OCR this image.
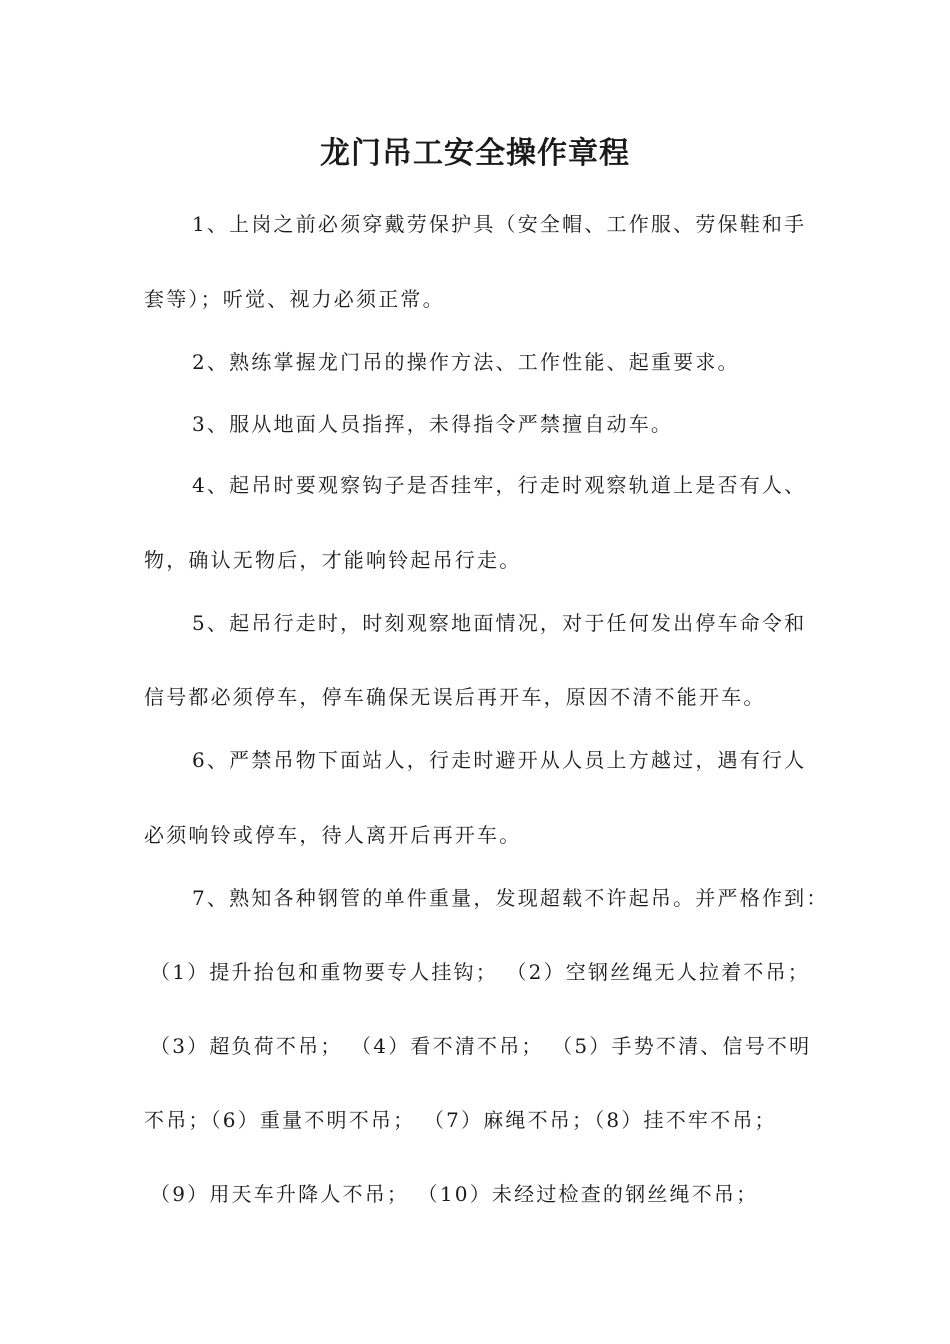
龙门吊工安全操作章程
1、上岗之前必须穿戴劳保护具（安全帽、工作服、劳保鞋和手
套等）；听觉、视力必须正常。
2、熟练掌握龙门吊的操作方法、工作性能、起重要求。
3、服从地面人员指挥，未得指令严禁擅自动车。
4、起吊时要观察钩子是否挂牢，行走时观察轨道上是否有人、
物，确认无物后，才能响铃起吊行走。
5、起吊行走时，时刻观察地面情况，对于任何发出停车命令和
信号都必须停车，停车确保无误后再开车，原因不清不能开车。
6、严禁吊物下面站人，行走时避开从人员上方越过，遇有行人
必须响铃或停车，待人离开后再开车。
7、熟知各种钢管的单件重量，发现超载不许起吊。并严格作到：
（1）提升抬包和重物要专人挂钩； （2）空钢丝绳无人拉着不吊；
（3）超负荷不吊； （4）看不清不吊； （5）手势不清、信号不明
不吊；（6）重量不明不吊； （7）麻绳不吊；（8）挂不牢不吊；
（9）用天车升降人不吊； （10）未经过检查的钢丝绳不吊；
